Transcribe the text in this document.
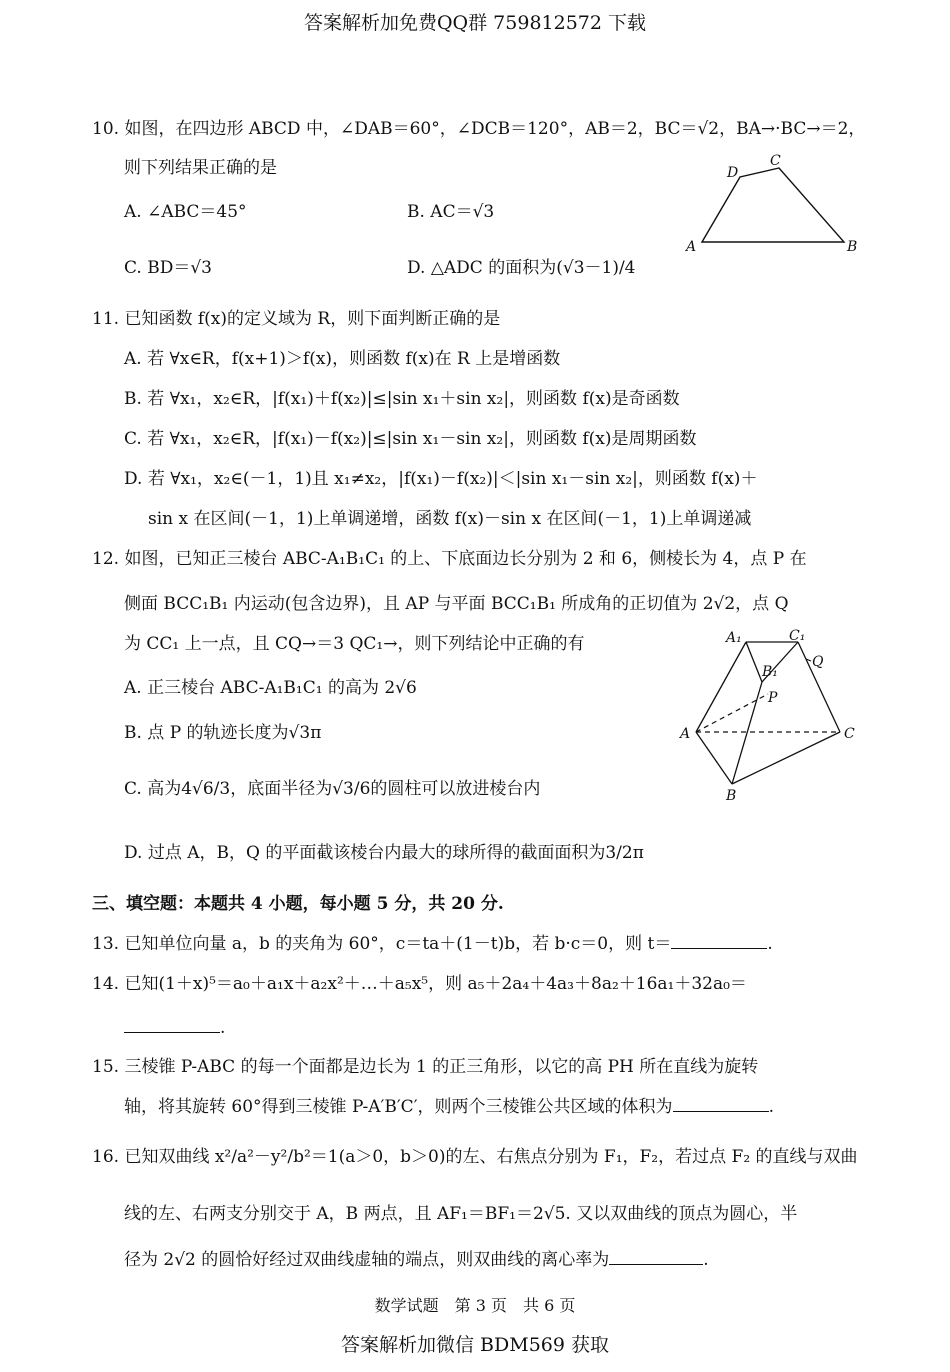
答案解析加免费QQ群 759812572 下载
10. 如图，在四边形 ABCD 中，∠DAB＝60°，∠DCB＝120°，AB＝2，BC＝√2，BA→·BC→＝2，
则下列结果正确的是
A. ∠ABC＝45°	B. AC＝√3
C. BD＝√3	D. △ADC 的面积为(√3－1)/4
A	B
C
D
11. 已知函数 f(x)的定义域为 R，则下面判断正确的是
A. 若 ∀x∈R，f(x+1)＞f(x)，则函数 f(x)在 R 上是增函数
B. 若 ∀x₁，x₂∈R，|f(x₁)＋f(x₂)|≤|sin x₁＋sin x₂|，则函数 f(x)是奇函数
C. 若 ∀x₁，x₂∈R，|f(x₁)－f(x₂)|≤|sin x₁－sin x₂|，则函数 f(x)是周期函数
D. 若 ∀x₁，x₂∈(－1，1)且 x₁≠x₂，|f(x₁)－f(x₂)|＜|sin x₁－sin x₂|，则函数 f(x)＋
sin x 在区间(－1，1)上单调递增，函数 f(x)－sin x 在区间(－1，1)上单调递减
12. 如图，已知正三棱台 ABC-A₁B₁C₁ 的上、下底面边长分别为 2 和 6，侧棱长为 4，点 P 在
侧面 BCC₁B₁ 内运动(包含边界)，且 AP 与平面 BCC₁B₁ 所成角的正切值为 2√2，点 Q
为 CC₁ 上一点，且 CQ→＝3 QC₁→，则下列结论中正确的有
A. 正三棱台 ABC-A₁B₁C₁ 的高为 2√6
B. 点 P 的轨迹长度为√3π
C. 高为4√6/3，底面半径为√3/6的圆柱可以放进棱台内
D. 过点 A，B，Q 的平面截该棱台内最大的球所得的截面面积为3/2π
A₁	C₁
B₁
Q
P
A	C
B
三、填空题：本题共 4 小题，每小题 5 分，共 20 分.
13. 已知单位向量 a，b 的夹角为 60°，c＝ta＋(1－t)b，若 b·c＝0，则 t＝	.
14. 已知(1＋x)⁵＝a₀＋a₁x＋a₂x²＋…＋a₅x⁵，则 a₅＋2a₄＋4a₃＋8a₂＋16a₁＋32a₀＝
.
15. 三棱锥 P-ABC 的每一个面都是边长为 1 的正三角形，以它的高 PH 所在直线为旋转
轴，将其旋转 60°得到三棱锥 P-A′B′C′，则两个三棱锥公共区域的体积为	.
16. 已知双曲线 x²/a²－y²/b²＝1(a＞0，b＞0)的左、右焦点分别为 F₁，F₂，若过点 F₂ 的直线与双曲
线的左、右两支分别交于 A，B 两点，且 AF₁＝BF₁＝2√5. 又以双曲线的顶点为圆心，半
径为 2√2 的圆恰好经过双曲线虚轴的端点，则双曲线的离心率为	.
数学试题　第 3 页　共 6 页
答案解析加微信 BDM569 获取
